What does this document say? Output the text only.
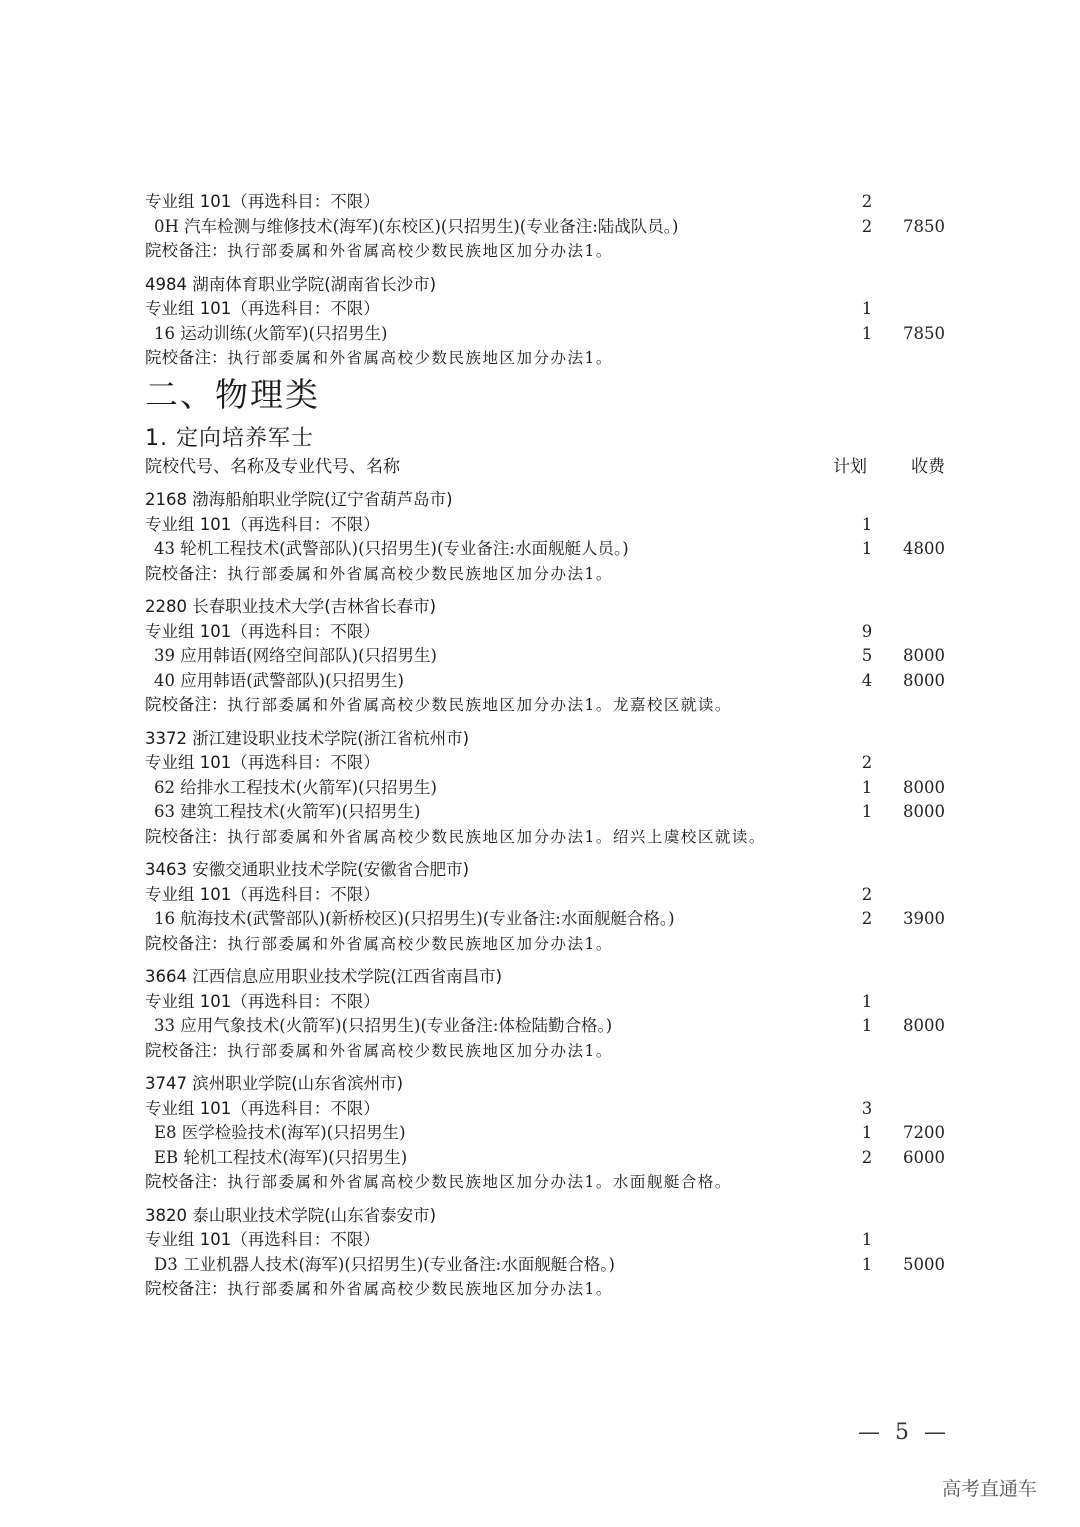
专业组 101（再选科目：不限）	2
0H 汽车检测与维修技术(海军)(东校区)(只招男生)(专业备注:陆战队员。)	2 7850
院校备注：执行部委属和外省属高校少数民族地区加分办法1。
4984 湖南体育职业学院(湖南省长沙市)
专业组 101（再选科目：不限）	1
16 运动训练(火箭军)(只招男生)	1 7850
院校备注：执行部委属和外省属高校少数民族地区加分办法1。
二、物理类
1. 定向培养军士
院校代号、名称及专业代号、名称	计划	收费
2168 渤海船舶职业学院(辽宁省葫芦岛市)
专业组 101（再选科目：不限）	1
43 轮机工程技术(武警部队)(只招男生)(专业备注:水面舰艇人员。)	1 4800
院校备注：执行部委属和外省属高校少数民族地区加分办法1。
2280 长春职业技术大学(吉林省长春市)
专业组 101（再选科目：不限）	9
39 应用韩语(网络空间部队)(只招男生)	5 8000
40 应用韩语(武警部队)(只招男生)	4 8000
院校备注：执行部委属和外省属高校少数民族地区加分办法1。龙嘉校区就读。
3372 浙江建设职业技术学院(浙江省杭州市)
专业组 101（再选科目：不限）	2
62 给排水工程技术(火箭军)(只招男生)	1 8000
63 建筑工程技术(火箭军)(只招男生)	1 8000
院校备注：执行部委属和外省属高校少数民族地区加分办法1。绍兴上虞校区就读。
3463 安徽交通职业技术学院(安徽省合肥市)
专业组 101（再选科目：不限）	2
16 航海技术(武警部队)(新桥校区)(只招男生)(专业备注:水面舰艇合格。)	2 3900
院校备注：执行部委属和外省属高校少数民族地区加分办法1。
3664 江西信息应用职业技术学院(江西省南昌市)
专业组 101（再选科目：不限）	1
33 应用气象技术(火箭军)(只招男生)(专业备注:体检陆勤合格。)	1 8000
院校备注：执行部委属和外省属高校少数民族地区加分办法1。
3747 滨州职业学院(山东省滨州市)
专业组 101（再选科目：不限）	3
E8 医学检验技术(海军)(只招男生)	1 7200
EB 轮机工程技术(海军)(只招男生)	2 6000
院校备注：执行部委属和外省属高校少数民族地区加分办法1。水面舰艇合格。
3820 泰山职业技术学院(山东省泰安市)
专业组 101（再选科目：不限）	1
D3 工业机器人技术(海军)(只招男生)(专业备注:水面舰艇合格。)	1 5000
院校备注：执行部委属和外省属高校少数民族地区加分办法1。
— 5 —
高考直通车
